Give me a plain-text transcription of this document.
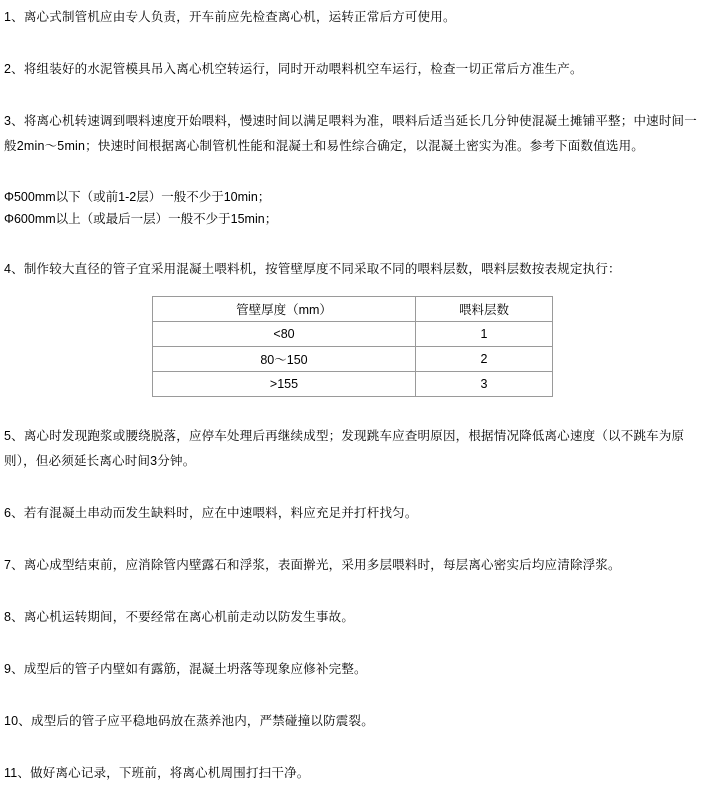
1、离心式制管机应由专人负责，开车前应先检查离心机，运转正常后方可使用。

2、将组装好的水泥管模具吊入离心机空转运行，同时开动喂料机空车运行，检查一切正常后方准生产。

3、将离心机转速调到喂料速度开始喂料，慢速时间以满足喂料为准，喂料后适当延长几分钟使混凝土摊铺平整；中速时间一般2min～5min；快速时间根据离心制管机性能和混凝土和易性综合确定，以混凝土密实为准。参考下面数值选用。

Φ500mm以下（或前1-2层）一般不少于10min；

Φ600mm以上（或最后一层）一般不少于15min；

4、制作较大直径的管子宜采用混凝土喂料机，按管壁厚度不同采取不同的喂料层数，喂料层数按表规定执行：

管壁厚度（mm）	喂料层数
<80	1
80～150	2
>155	3

5、离心时发现跑浆或腰绕脱落，应停车处理后再继续成型；发现跳车应查明原因，根据情况降低离心速度（以不跳车为原则），但必须延长离心时间3分钟。

6、若有混凝土串动而发生缺料时，应在中速喂料，料应充足并打杆找匀。

7、离心成型结束前，应消除管内壁露石和浮浆，表面擀光，采用多层喂料时，每层离心密实后均应清除浮浆。

8、离心机运转期间，不要经常在离心机前走动以防发生事故。

9、成型后的管子内壁如有露筋，混凝土坍落等现象应修补完整。

10、成型后的管子应平稳地码放在蒸养池内，严禁碰撞以防震裂。

11、做好离心记录，下班前，将离心机周围打扫干净。
